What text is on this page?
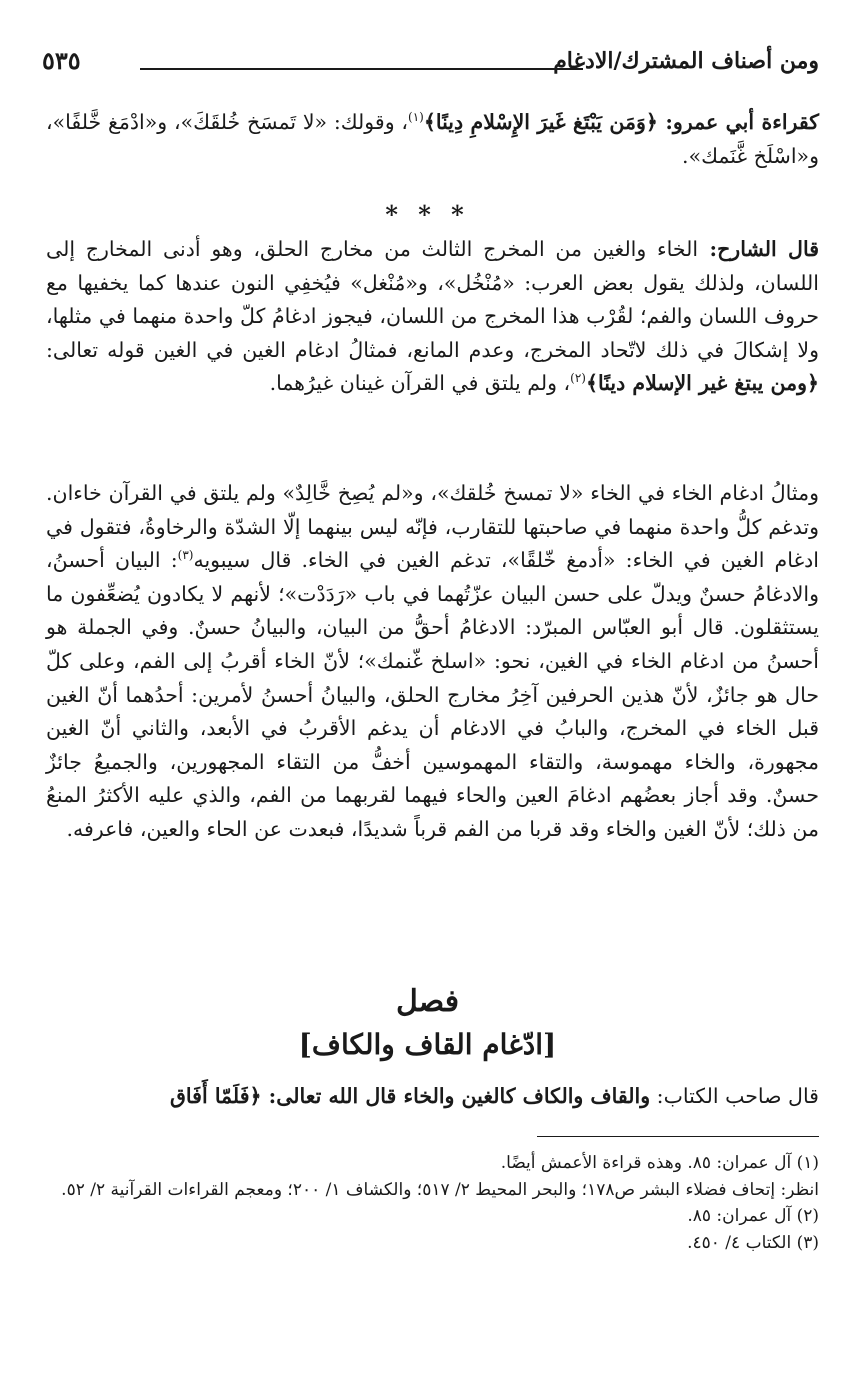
ومن أصناف المشترك/الادغام
٥٣٥

كقراءة أبي عمرو: ﴿وَمَن يَبْتَغ غَيرَ الإِسْلامِ دِينًا﴾$^{(١)}$، وقولك: «لا تَمسَخ خُلقَكَ»، و«ادْمَغ خَّلفًا»، و«اسْلَخ غَّنَمك».

* * *

قال الشارح: الخاء والغين من المخرج الثالث من مخارج الحلق، وهو أدنى المخارج إلى اللسان، ولذلك يقول بعض العرب: «مُنْخُل»، و«مُنْغل» فيُخفِي النون عندها كما يخفيها مع حروف اللسان والفم؛ لقُرْب هذا المخرج من اللسان، فيجوز ادغامُ كلّ واحدة منهما في مثلها، ولا إشكالَ في ذلك لاتّحاد المخرج، وعدم المانع، فمثالُ ادغام الغين في الغين قوله تعالى: ﴿ومن يبتغ غير الإسلام دينًا﴾$^{(٢)}$، ولم يلتق في القرآن غينان غيرُهما.

ومثالُ ادغام الخاء في الخاء «لا تمسخ خُلقك»، و«لم يُصِخ خَّالِدٌ» ولم يلتق في القرآن خاءان. وتدغم كلُّ واحدة منهما في صاحبتها للتقارب، فإنّه ليس بينهما إلّا الشدّة والرخاوةُ، فتقول في ادغام الغين في الخاء: «أدمغ خّلقًا»، تدغم الغين في الخاء. قال سيبويه$^{(٣)}$: البيان أحسنُ، والادغامُ حسنٌ ويدلّ على حسن البيان عزّتُهما في باب «رَدَدْت»؛ لأنهم لا يكادون يُضعِّفون ما يستثقلون. قال أبو العبّاس المبرّد: الادغامُ أحقُّ من البيان، والبيانُ حسنٌ. وفي الجملة هو أحسنُ من ادغام الخاء في الغين، نحو: «اسلخ غّنمك»؛ لأنّ الخاء أقربُ إلى الفم، وعلى كلّ حال هو جائزٌ، لأنّ هذين الحرفين آخِرُ مخارج الحلق، والبيانُ أحسنُ لأمرين: أحدُهما أنّ الغين قبل الخاء في المخرج، والبابُ في الادغام أن يدغم الأقربُ في الأبعد، والثاني أنّ الغين مجهورة، والخاء مهموسة، والتقاء المهموسين أخفُّ من التقاء المجهورين، والجميعُ جائزٌ حسنٌ. وقد أجاز بعضُهم ادغامَ العين والحاء فيهما لقربهما من الفم، والذي عليه الأكثرُ المنعُ من ذلك؛ لأنّ الغين والخاء وقد قربا من الفم قرباً شديدًا، فبعدت عن الحاء والعين، فاعرفه.

فصل
[ادّغام القاف والكاف]

قال صاحب الكتاب: والقاف والكاف كالغين والخاء قال الله تعالى: ﴿فَلَمّا أَفَاق

(١) آل عمران: ٨٥. وهذه قراءة الأعمش أيضًا.

انظر: إتحاف فضلاء البشر ص١٧٨؛ والبحر المحيط ٢/ ٥١٧؛ والكشاف ١/ ٢٠٠؛ ومعجم القراءات القرآنية ٢/ ٥٢.

(٢) آل عمران: ٨٥.

(٣) الكتاب ٤/ ٤٥٠.
